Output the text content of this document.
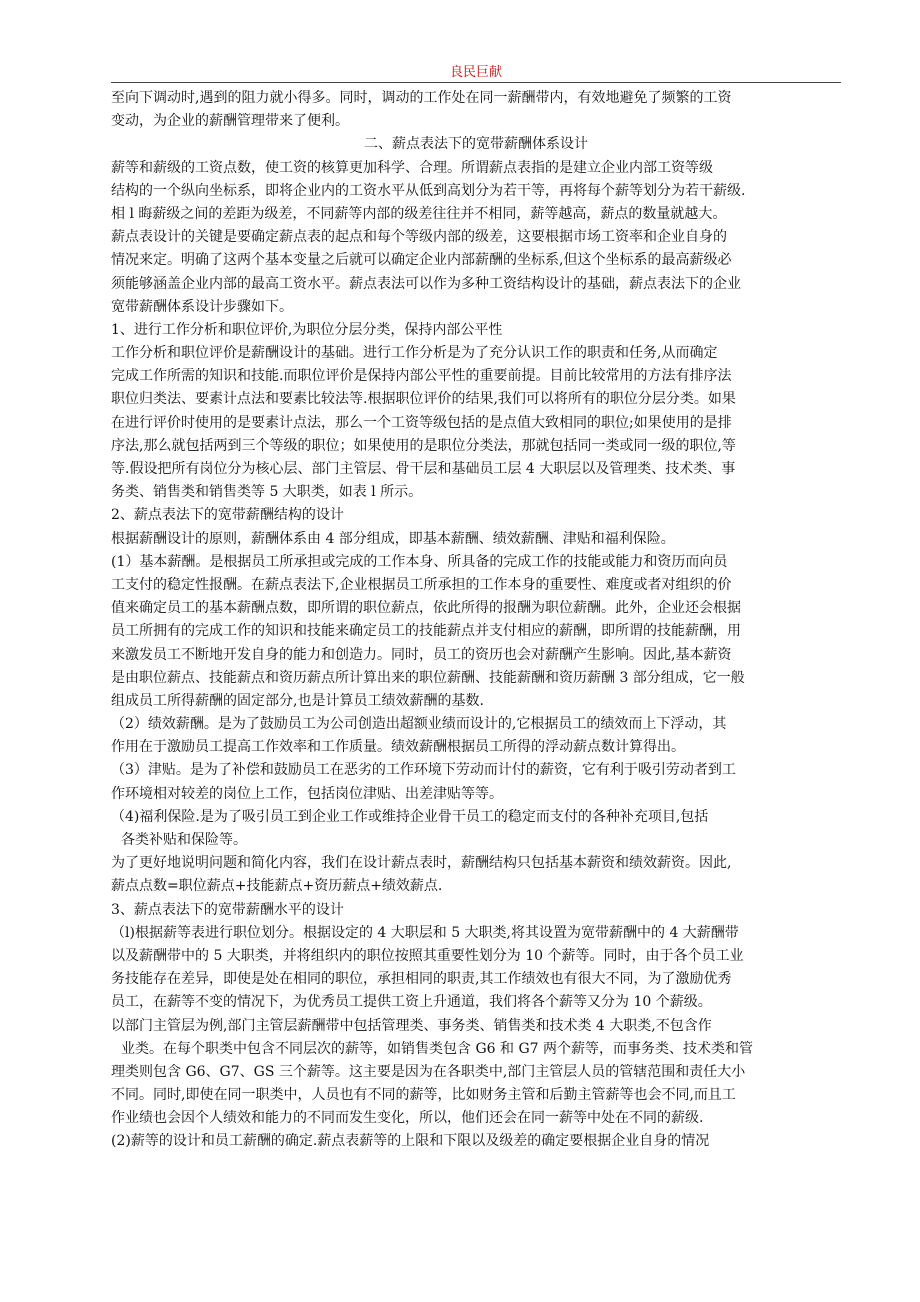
良民巨献
至向下调动时,遇到的阻力就小得多。同时，调动的工作处在同一薪酬带内，有效地避免了频繁的工资
变动，为企业的薪酬管理带来了便利。
二、薪点表法下的宽带薪酬体系设计
薪等和薪级的工资点数，使工资的核算更加科学、合理。所谓薪点表指的是建立企业内部工资等级
结构的一个纵向坐标系，即将企业内的工资水平从低到高划分为若干等，再将每个薪等划分为若干薪级.
相 l 晦薪级之间的差距为级差，不同薪等内部的级差往往并不相同，薪等越高，薪点的数量就越大。
薪点表设计的关键是要确定薪点表的起点和每个等级内部的级差，这要根据市场工资率和企业自身的
情况来定。明确了这两个基本变量之后就可以确定企业内部薪酬的坐标系,但这个坐标系的最高薪级必
须能够涵盖企业内部的最高工资水平。薪点表法可以作为多种工资结构设计的基础，薪点表法下的企业
宽带薪酬体系设计步骤如下。
1、进行工作分析和职位评价,为职位分层分类，保持内部公平性
工作分析和职位评价是薪酬设计的基础。进行工作分析是为了充分认识工作的职责和任务,从而确定
完成工作所需的知识和技能.而职位评价是保持内部公平性的重要前提。目前比较常用的方法有排序法
职位归类法、要素计点法和要素比较法等.根据职位评价的结果,我们可以将所有的职位分层分类。如果
在进行评价时使用的是要素计点法，那么一个工资等级包括的是点值大致相同的职位;如果使用的是排
序法,那么就包括两到三个等级的职位；如果使用的是职位分类法，那就包括同一类或同一级的职位,等
等.假设把所有岗位分为核心层、部门主管层、骨干层和基础员工层 4 大职层以及管理类、技术类、事
务类、销售类和销售类等 5 大职类，如表 l 所示。
2、薪点表法下的宽带薪酬结构的设计
根据薪酬设计的原则，薪酬体系由 4 部分组成，即基本薪酬、绩效薪酬、津贴和福利保险。
(1）基本薪酬。是根据员工所承担或完成的工作本身、所具备的完成工作的技能或能力和资历而向员
工支付的稳定性报酬。在薪点表法下,企业根据员工所承担的工作本身的重要性、难度或者对组织的价
值来确定员工的基本薪酬点数，即所谓的职位薪点，依此所得的报酬为职位薪酬。此外，企业还会根据
员工所拥有的完成工作的知识和技能来确定员工的技能薪点并支付相应的薪酬，即所谓的技能薪酬，用
来激发员工不断地开发自身的能力和创造力。同时，员工的资历也会对薪酬产生影响。因此,基本薪资
是由职位薪点、技能薪点和资历薪点所计算出来的职位薪酬、技能薪酬和资历薪酬 3 部分组成，它一般
组成员工所得薪酬的固定部分,也是计算员工绩效薪酬的基数.
（2）绩效薪酬。是为了鼓励员工为公司创造出超额业绩而设计的,它根据员工的绩效而上下浮动，其
作用在于激励员工提高工作效率和工作质量。绩效薪酬根据员工所得的浮动薪点数计算得出。
（3）津贴。是为了补偿和鼓励员工在恶劣的工作环境下劳动而计付的薪资，它有利于吸引劳动者到工
作环境相对较差的岗位上工作，包括岗位津贴、出差津贴等等。
（4)福利保险.是为了吸引员工到企业工作或维持企业骨干员工的稳定而支付的各种补充项目,包括
各类补贴和保险等。
为了更好地说明问题和简化内容，我们在设计薪点表时，薪酬结构只包括基本薪资和绩效薪资。因此,
薪点点数=职位薪点+技能薪点+资历薪点+绩效薪点.
3、薪点表法下的宽带薪酬水平的设计
（l)根据薪等表进行职位划分。根据设定的 4 大职层和 5 大职类,将其设置为宽带薪酬中的 4 大薪酬带
以及薪酬带中的 5 大职类，并将组织内的职位按照其重要性划分为 10 个薪等。同时，由于各个员工业
务技能存在差异，即使是处在相同的职位，承担相同的职责,其工作绩效也有很大不同，为了激励优秀
员工，在薪等不变的情况下，为优秀员工提供工资上升通道，我们将各个薪等又分为 10 个薪级。
以部门主管层为例,部门主管层薪酬带中包括管理类、事务类、销售类和技术类 4 大职类,不包含作
业类。在每个职类中包含不同层次的薪等，如销售类包含 G6 和 G7 两个薪等，而事务类、技术类和管
理类则包含 G6、G7、GS 三个薪等。这主要是因为在各职类中,部门主管层人员的管辖范围和责任大小
不同。同时,即使在同一职类中，人员也有不同的薪等，比如财务主管和后勤主管薪等也会不同,而且工
作业绩也会因个人绩效和能力的不同而发生变化，所以，他们还会在同一薪等中处在不同的薪级.
(2)薪等的设计和员工薪酬的确定.薪点表薪等的上限和下限以及级差的确定要根据企业自身的情况
